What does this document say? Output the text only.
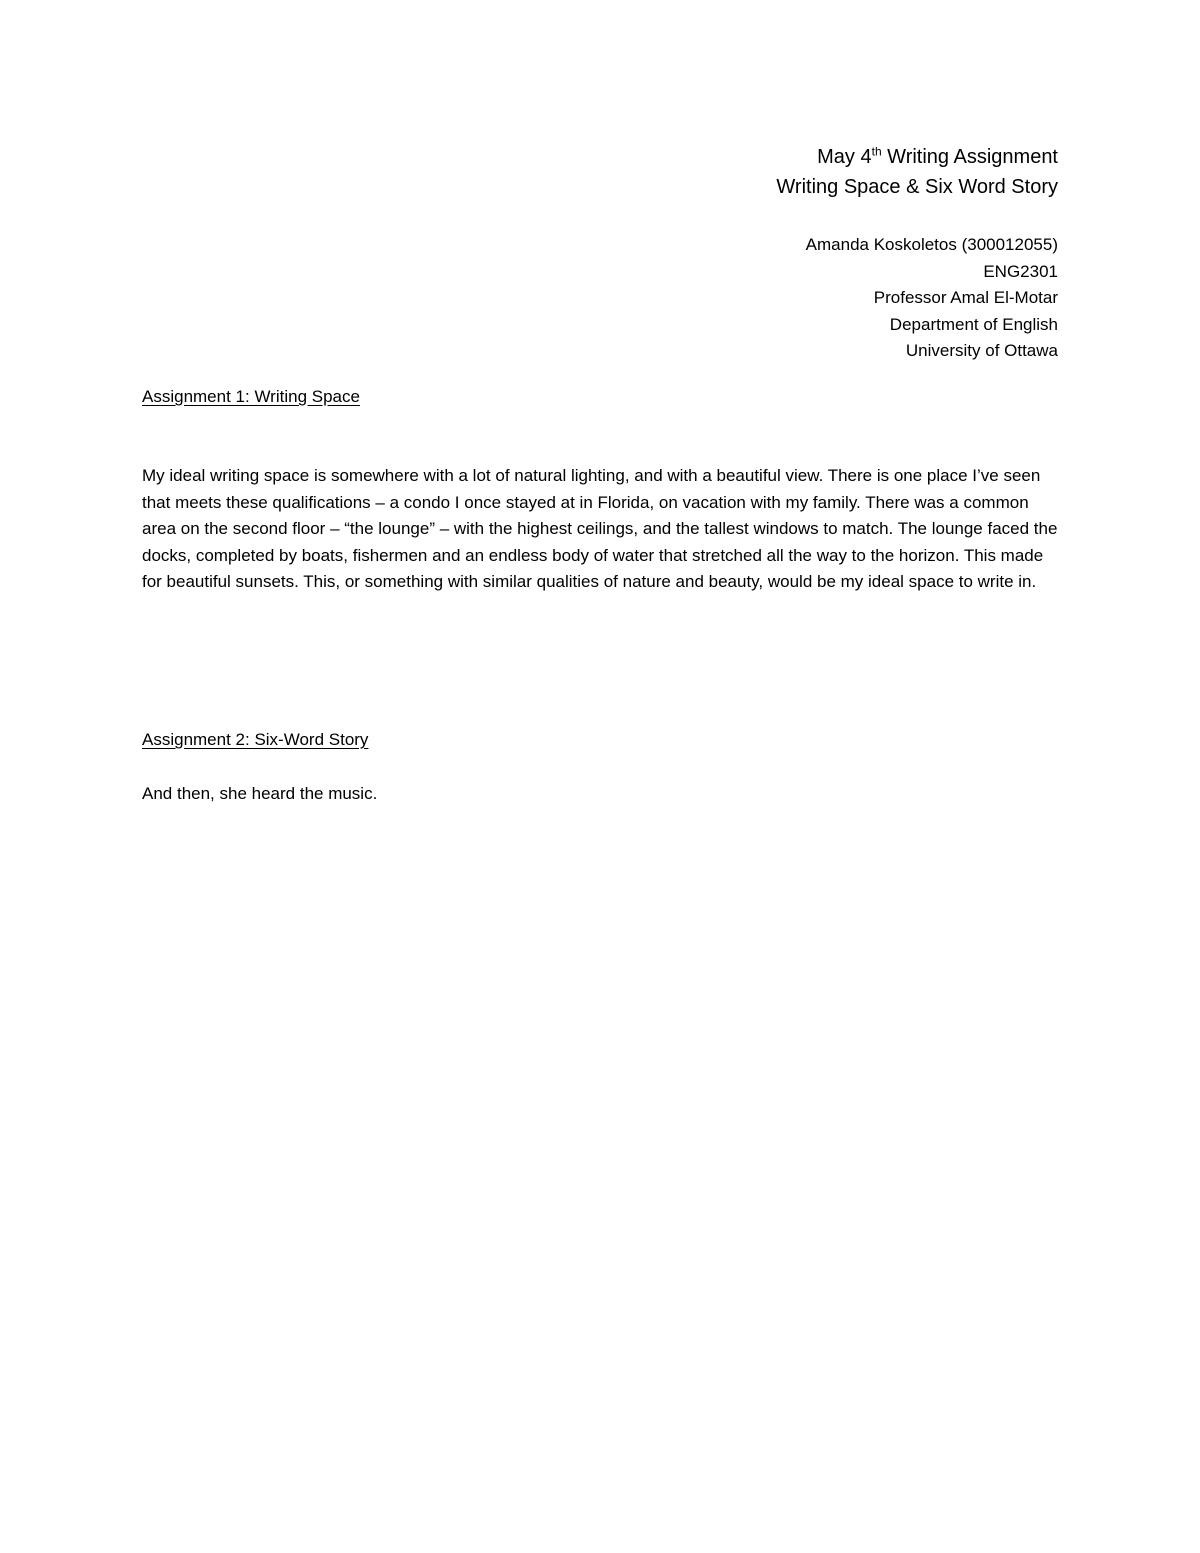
May 4th Writing Assignment
Writing Space & Six Word Story
Amanda Koskoletos (300012055)
ENG2301
Professor Amal El-Motar
Department of English
University of Ottawa
Assignment 1: Writing Space
My ideal writing space is somewhere with a lot of natural lighting, and with a beautiful view. There is one place I’ve seen that meets these qualifications – a condo I once stayed at in Florida, on vacation with my family. There was a common area on the second floor – “the lounge” – with the highest ceilings, and the tallest windows to match. The lounge faced the docks, completed by boats, fishermen and an endless body of water that stretched all the way to the horizon. This made for beautiful sunsets. This, or something with similar qualities of nature and beauty, would be my ideal space to write in.
Assignment 2: Six-Word Story
And then, she heard the music.
